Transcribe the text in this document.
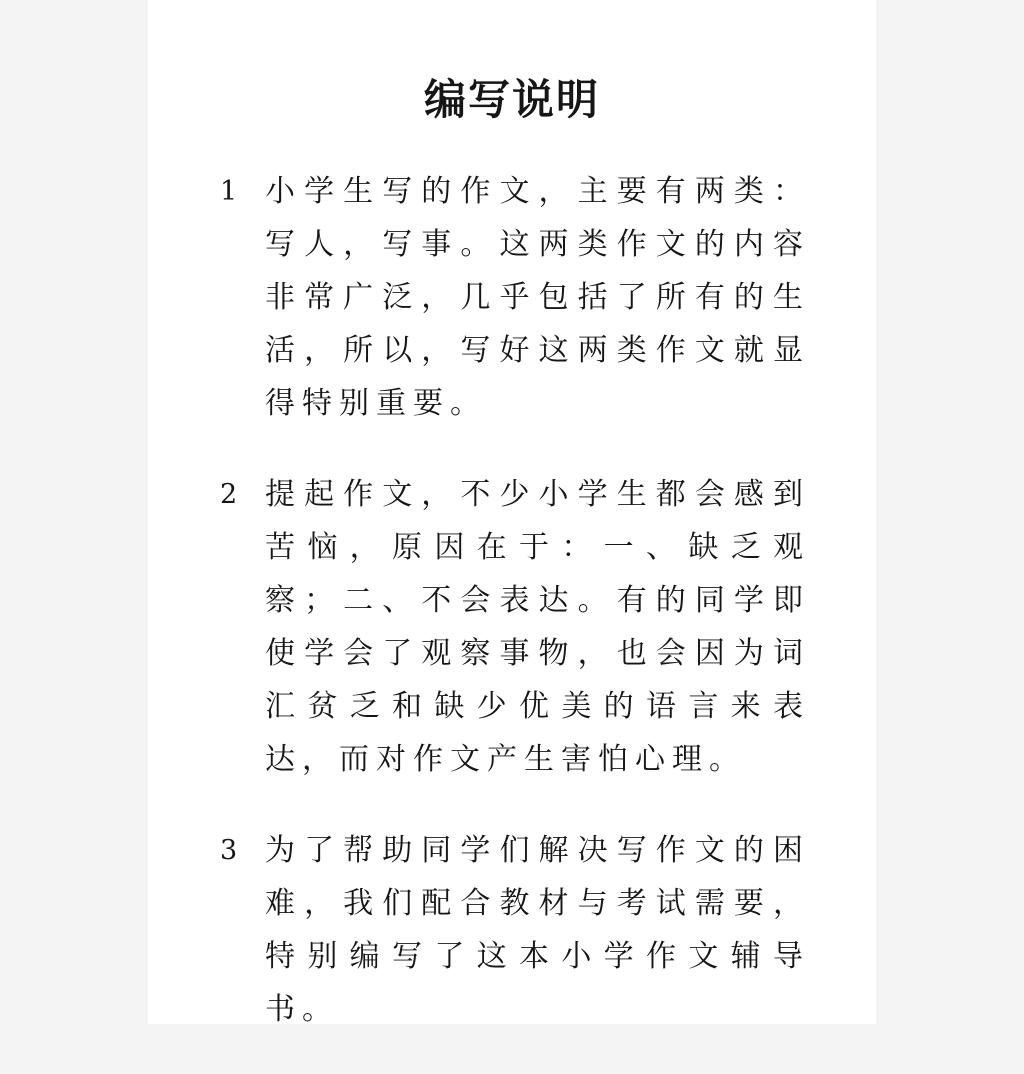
编写说明
1 小学生写的作文，主要有两类：写人，写事。这两类作文的内容非常广泛，几乎包括了所有的生活，所以，写好这两类作文就显得特别重要。
2 提起作文，不少小学生都会感到苦恼，原因在于：一、缺乏观察；二、不会表达。有的同学即使学会了观察事物，也会因为词汇贫乏和缺少优美的语言来表达，而对作文产生害怕心理。
3 为了帮助同学们解决写作文的困难，我们配合教材与考试需要，特别编写了这本小学作文辅导书。
